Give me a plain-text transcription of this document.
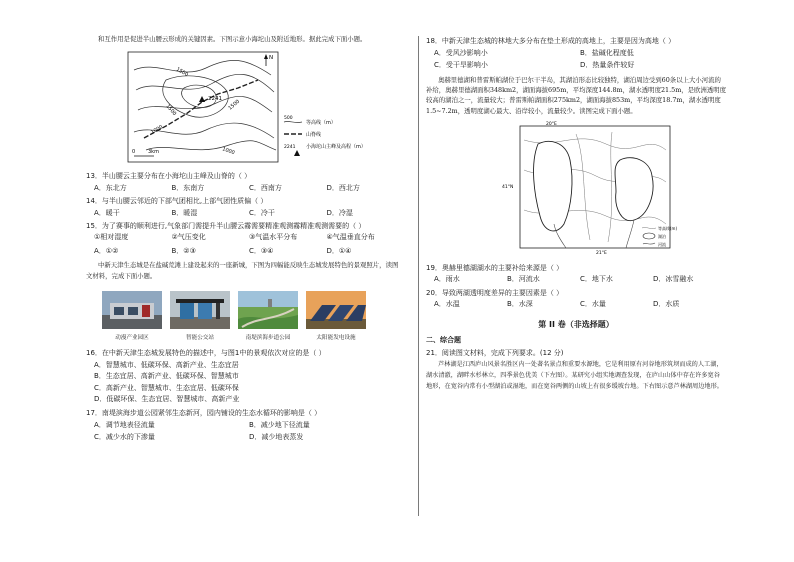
和互作用是促进半山腰云形成的关键因素。下图示意小海坨山及附近地形。据此完成下面小题。
2241
1500
1500
1500
1000
1000
N
0	3km
500
等高线（m）
山脊线
2241 小海坨山主峰及高程（m）
13．半山腰云主要分布在小海坨山主峰及山脊的（ ）
A．东北方	B．东南方	C．西南方	D．西北方
14．与半山腰云邻近的下部气团相比,上部气团性质偏（ ）
A．暖干	B．暖湿	C．冷干	D．冷湿
15．为了赛事的顺利进行,气象部门需提升半山腰云霧需要精准观测霧精准观测需要的（ ）
①相对湿度	②气压变化	③气温水平分布	④气温垂直分布
A．①②	B．②③	C．③④	D．①④
中新天津生态城是在盐碱荒滩上建设起来的一座新城，下图为四幅能反映生态城发展特色的景观照片，读图文材料，完成下面小题。
动漫产业园区	智能公交站	南堤滨海步道公园	太阳能发电设施
16．在中新天津生态城发展特色的描述中，与图1中的景观依次对应的是（ ）
A．智慧城市、低碳环保、高新产业、生态宜居
B．生态宜居、高新产业、低碳环保、智慧城市
C．高新产业、智慧城市、生态宜居、低碳环保
D．低碳环保、生态宜居、智慧城市、高新产业
17．南堤滨海步道公园紧邻生态新河，园内铺设的生态水循环的影响是（ ）
A．调节地表径流量	B．减少地下径流量
C．减少水的下渗量	D．减少地表蒸发
18．中新天津生态城的林地大多分布在垫土形成的高地上，主要是因为高地（ ）
A．受风沙影响小	B．盐碱化程度低
C．受干旱影响小	D．热量条件较好
奥赫里德湖和普雷斯帕湖位于巴尔干半岛，其湖泊形态比较独特，湖泊周边受到60条以上大小河流的补给，奥赫里德湖面积348km2，湖面海拔695m，平均深度144.8m，湖水透明度21.5m，是欧洲透明度较高的湖泊之一，流量较大；普雷斯帕湖面积275km2，湖面海拔853m，平均深度18.7m，湖水透明度1.5~7.2m，透明度湖心最大、沿岸较小，流量较少。读图完成下面小题。
20°E
21°E
41°N
等高线(m)
湖泊
河流
19．奥赫里德湖湖水的主要补给来源是（ ）
A．雨水	B．河流水	C．地下水	D．冰雪融水
20．导致两湖透明度差异的主要因素是（ ）
A．水温	B．水深	C．水量	D．水质
第 II 卷（非选择题）
二、综合题
21．阅读图文材料，完成下列要求。(12 分)
芦林湖是江西庐山风景名胜区内一处著名景点和重要水源地，它是利用原有河谷地形筑坝而成的人工湖，湖水清澈，湖畔水杉林立，四季景色优美（下左图）。某研究小组实地调查发现，在庐山山体中存在许多宽谷地形，在宽谷内常有小型湖泊或湿地，而在宽谷两侧的山坡上有很多缓坡台地。下右图示意芦林湖周边地形。
